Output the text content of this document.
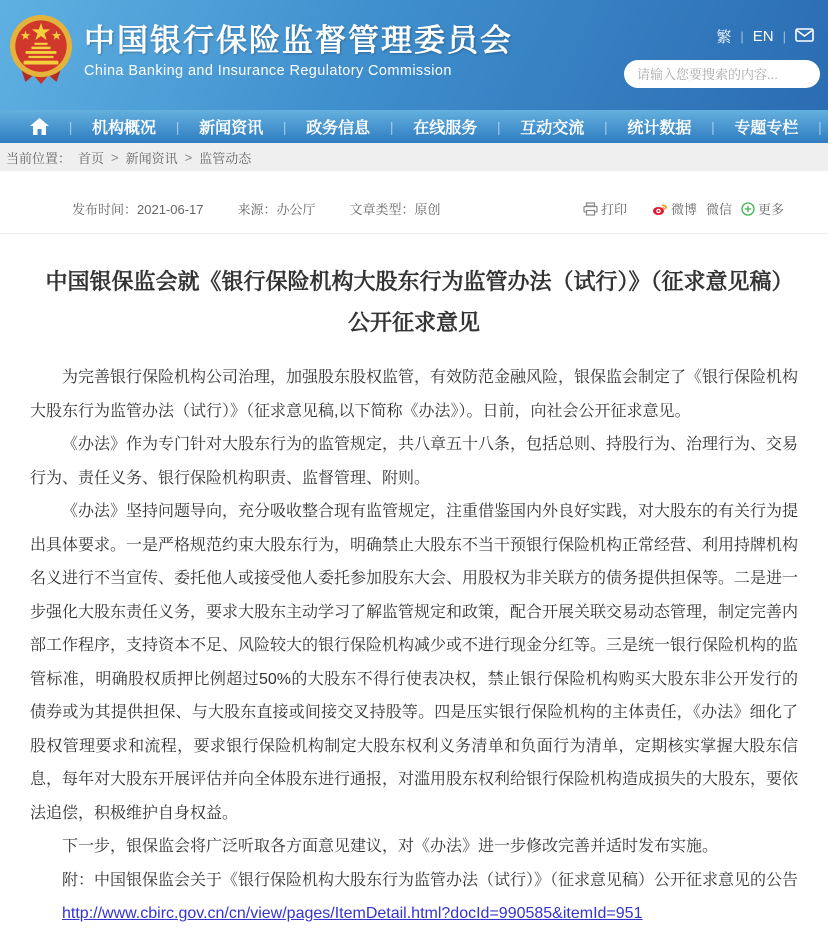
中国银行保险监督管理委员会
China Banking and Insurance Regulatory Commission
繁 | EN |
请输入您要搜索的内容...
| 机构概况 | 新闻资讯 | 政务信息 | 在线服务 | 互动交流 | 统计数据 | 专题专栏 |
当前位置： 首页 > 新闻资讯 > 监管动态
发布时间：2021-06-17	来源：办公厅	文章类型：原创	打印	微博 微信 更多
中国银保监会就《银行保险机构大股东行为监管办法（试行）》（征求意见稿）公开征求意见

为完善银行保险机构公司治理，加强股东股权监管，有效防范金融风险，银保监会制定了《银行保险机构大股东行为监管办法（试行）》（征求意见稿,以下简称《办法》）。日前，向社会公开征求意见。

《办法》作为专门针对大股东行为的监管规定，共八章五十八条，包括总则、持股行为、治理行为、交易行为、责任义务、银行保险机构职责、监督管理、附则。

《办法》坚持问题导向，充分吸收整合现有监管规定，注重借鉴国内外良好实践，对大股东的有关行为提出具体要求。一是严格规范约束大股东行为，明确禁止大股东不当干预银行保险机构正常经营、利用持牌机构名义进行不当宣传、委托他人或接受他人委托参加股东大会、用股权为非关联方的债务提供担保等。二是进一步强化大股东责任义务，要求大股东主动学习了解监管规定和政策，配合开展关联交易动态管理，制定完善内部工作程序，支持资本不足、风险较大的银行保险机构减少或不进行现金分红等。三是统一银行保险机构的监管标准，明确股权质押比例超过50%的大股东不得行使表决权，禁止银行保险机构购买大股东非公开发行的债券或为其提供担保、与大股东直接或间接交叉持股等。四是压实银行保险机构的主体责任，《办法》细化了股权管理要求和流程，要求银行保险机构制定大股东权利义务清单和负面行为清单，定期核实掌握大股东信息，每年对大股东开展评估并向全体股东进行通报，对滥用股东权利给银行保险机构造成损失的大股东，要依法追偿，积极维护自身权益。

下一步，银保监会将广泛听取各方面意见建议，对《办法》进一步修改完善并适时发布实施。

附：中国银保监会关于《银行保险机构大股东行为监管办法（试行）》（征求意见稿）公开征求意见的公告

http://www.cbirc.gov.cn/cn/view/pages/ItemDetail.html?docId=990585&itemId=951
